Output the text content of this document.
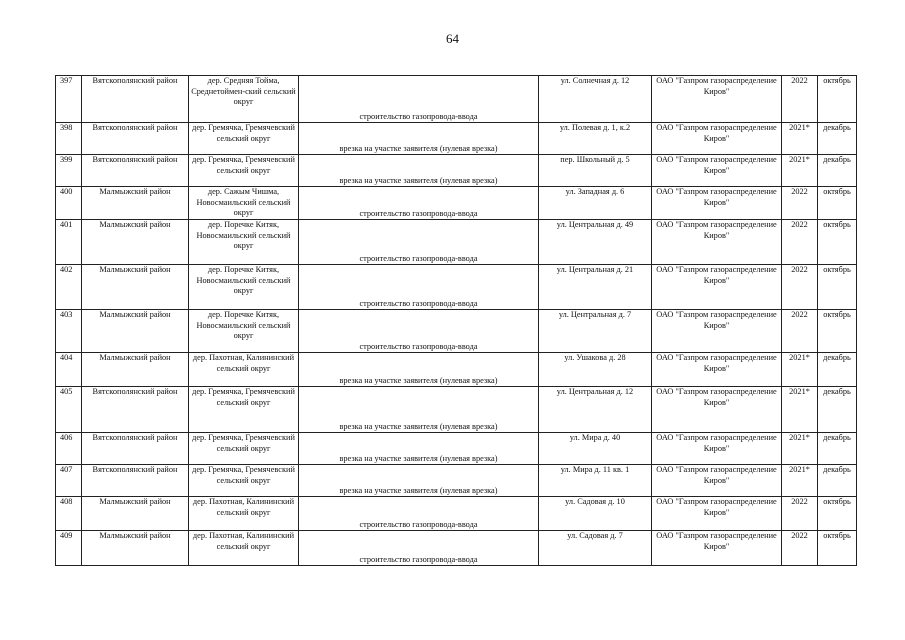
64
397	Вятскополянский район	дер. Средняя Тойма, Среднетоймен-ский сельский округ	строительство газопровода-ввода	ул. Солнечная д. 12	ОАО "Газпром газораспределение Киров"	2022	октябрь
398	Вятскополянский район	дер. Гремячка, Гремячевский сельский округ	врезка на участке заявителя (нулевая врезка)	ул. Полевая д. 1, к.2	ОАО "Газпром газораспределение Киров"	2021*	декабрь
399	Вятскополянский район	дер. Гремячка, Гремячевский сельский округ	врезка на участке заявителя (нулевая врезка)	пер. Школьный д. 5	ОАО "Газпром газораспределение Киров"	2021*	декабрь
400	Малмыжский район	дер. Сажым Чишма, Новосмаильский сельский округ	строительство газопровода-ввода	ул. Западная д. 6	ОАО "Газпром газораспределение Киров"	2022	октябрь
401	Малмыжский район	дер. Поречке Китяк, Новосмаильский сельский округ	строительство газопровода-ввода	ул. Центральная д. 49	ОАО "Газпром газораспределение Киров"	2022	октябрь
402	Малмыжский район	дер. Поречке Китяк, Новосмаильский сельский округ	строительство газопровода-ввода	ул. Центральная д. 21	ОАО "Газпром газораспределение Киров"	2022	октябрь
403	Малмыжский район	дер. Поречке Китяк, Новосмаильский сельский округ	строительство газопровода-ввода	ул. Центральная д. 7	ОАО "Газпром газораспределение Киров"	2022	октябрь
404	Малмыжский район	дер. Пахотная, Калининский сельский округ	врезка на участке заявителя (нулевая врезка)	ул. Ушакова д. 28	ОАО "Газпром газораспределение Киров"	2021*	декабрь
405	Вятскополянский район	дер. Гремячка, Гремячевский сельский округ	врезка на участке заявителя (нулевая врезка)	ул. Центральная д. 12	ОАО "Газпром газораспределение Киров"	2021*	декабрь
406	Вятскополянский район	дер. Гремячка, Гремячевский сельский округ	врезка на участке заявителя (нулевая врезка)	ул. Мира д. 40	ОАО "Газпром газораспределение Киров"	2021*	декабрь
407	Вятскополянский район	дер. Гремячка, Гремячевский сельский округ	врезка на участке заявителя (нулевая врезка)	ул. Мира д. 11 кв. 1	ОАО "Газпром газораспределение Киров"	2021*	декабрь
408	Малмыжский район	дер. Пахотная, Калининский сельский округ	строительство газопровода-ввода	ул. Садовая д. 10	ОАО "Газпром газораспределение Киров"	2022	октябрь
409	Малмыжский район	дер. Пахотная, Калининский сельский округ	строительство газопровода-ввода	ул. Садовая д. 7	ОАО "Газпром газораспределение Киров"	2022	октябрь
